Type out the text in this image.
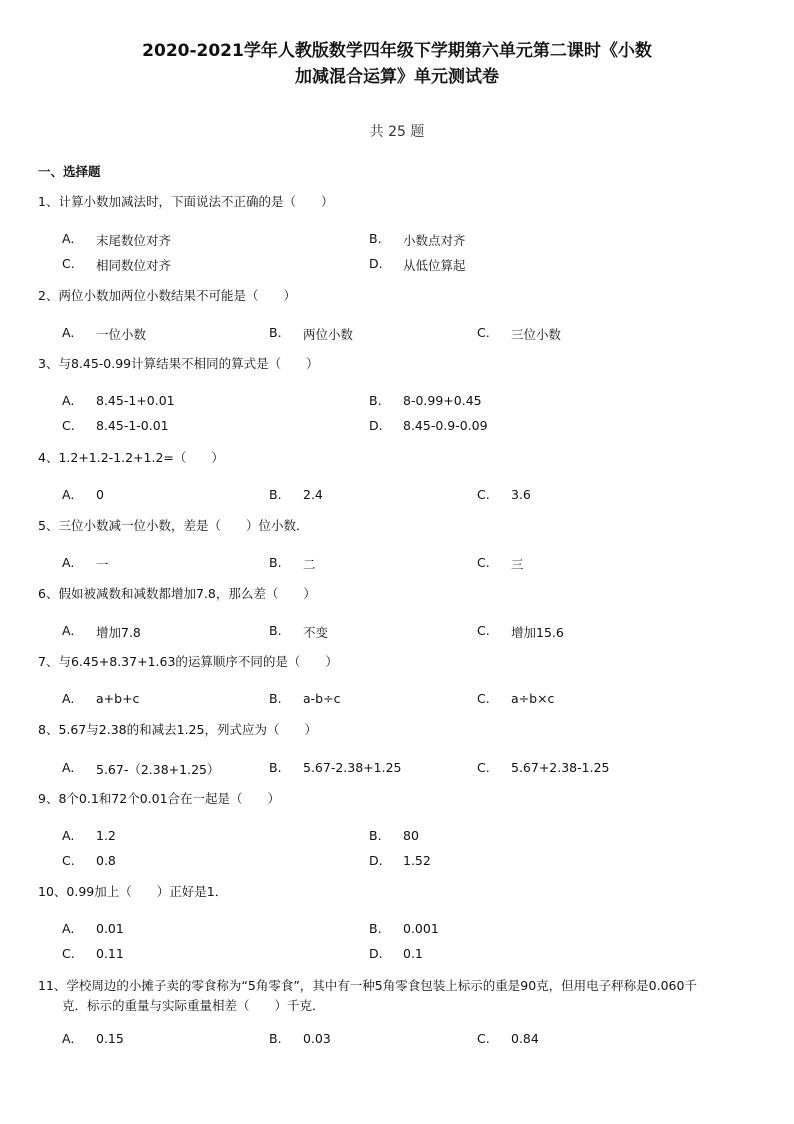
2020-2021学年人教版数学四年级下学期第六单元第二课时《小数
加减混合运算》单元测试卷
共 25 题
一、选择题
1、计算小数加减法时，下面说法不正确的是（　　）
A.	末尾数位对齐	B.	小数点对齐
C.	相同数位对齐	D.	从低位算起
2、两位小数加两位小数结果不可能是（　　）
A.	一位小数	B.	两位小数	C.	三位小数
3、与8.45-0.99计算结果不相同的算式是（　　）
A.	8.45-1+0.01	B.	8-0.99+0.45
C.	8.45-1-0.01	D.	8.45-0.9-0.09
4、1.2+1.2-1.2+1.2=（　　）
A.	0	B.	2.4	C.	3.6
5、三位小数减一位小数，差是（　　）位小数．
A.	一	B.	二	C.	三
6、假如被减数和减数都增加7.8，那么差（　　）
A.	增加7.8	B.	不变	C.	增加15.6
7、与6.45+8.37+1.63的运算顺序不同的是（　　）
A.	a+b+c	B.	a-b÷c	C.	a÷b×c
8、5.67与2.38的和减去1.25，列式应为（　　）
A.	5.67-（2.38+1.25）	B.	5.67-2.38+1.25	C.	5.67+2.38-1.25
9、8个0.1和72个0.01合在一起是（　　）
A.	1.2	B.	80
C.	0.8	D.	1.52
10、0.99加上（　　）正好是1．
A.	0.01	B.	0.001
C.	0.11	D.	0.1
11、学校周边的小摊子卖的零食称为“5角零食”，其中有一种5角零食包装上标示的重是90克，但用电子秤称是0.060千
克．标示的重量与实际重量相差（　　）千克．
A.	0.15	B.	0.03	C.	0.84
